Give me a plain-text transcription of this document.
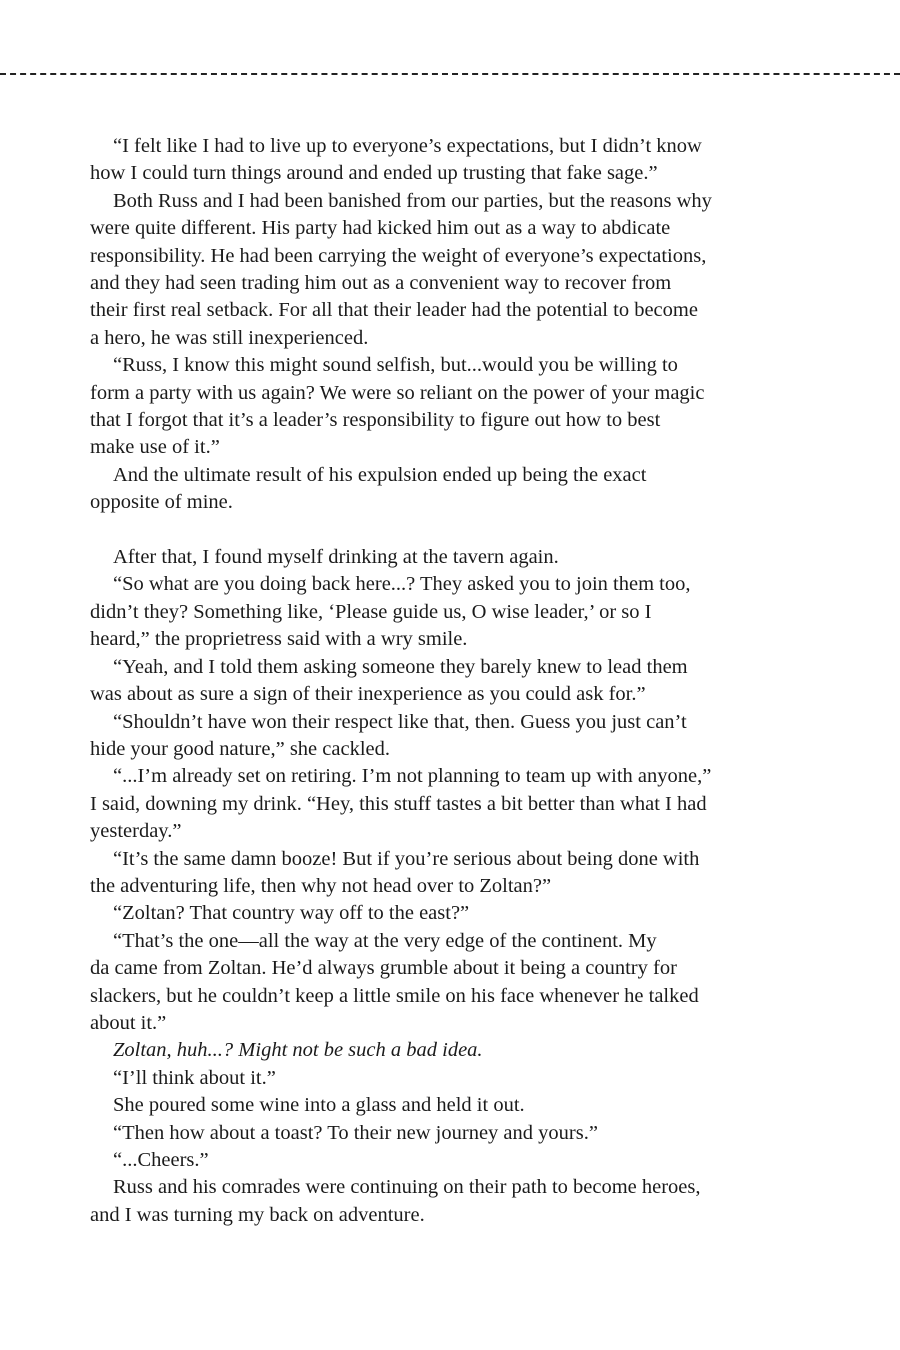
“I felt like I had to live up to everyone’s expectations, but I didn’t know
how I could turn things around and ended up trusting that fake sage.”

Both Russ and I had been banished from our parties, but the reasons why
were quite different. His party had kicked him out as a way to abdicate
responsibility. He had been carrying the weight of everyone’s expectations,
and they had seen trading him out as a convenient way to recover from
their first real setback. For all that their leader had the potential to become
a hero, he was still inexperienced.

“Russ, I know this might sound selfish, but...would you be willing to
form a party with us again? We were so reliant on the power of your magic
that I forgot that it’s a leader’s responsibility to figure out how to best
make use of it.”

And the ultimate result of his expulsion ended up being the exact
opposite of mine.

After that, I found myself drinking at the tavern again.

“So what are you doing back here...? They asked you to join them too,
didn’t they? Something like, ‘Please guide us, O wise leader,’ or so I
heard,” the proprietress said with a wry smile.

“Yeah, and I told them asking someone they barely knew to lead them
was about as sure a sign of their inexperience as you could ask for.”

“Shouldn’t have won their respect like that, then. Guess you just can’t
hide your good nature,” she cackled.

“...I’m already set on retiring. I’m not planning to team up with anyone,”
I said, downing my drink. “Hey, this stuff tastes a bit better than what I had
yesterday.”

“It’s the same damn booze! But if you’re serious about being done with
the adventuring life, then why not head over to Zoltan?”

“Zoltan? That country way off to the east?”

“That’s the one—all the way at the very edge of the continent. My
da came from Zoltan. He’d always grumble about it being a country for
slackers, but he couldn’t keep a little smile on his face whenever he talked
about it.”

Zoltan, huh...? Might not be such a bad idea.

“I’ll think about it.”

She poured some wine into a glass and held it out.

“Then how about a toast? To their new journey and yours.”

“...Cheers.”

Russ and his comrades were continuing on their path to become heroes,
and I was turning my back on adventure.
